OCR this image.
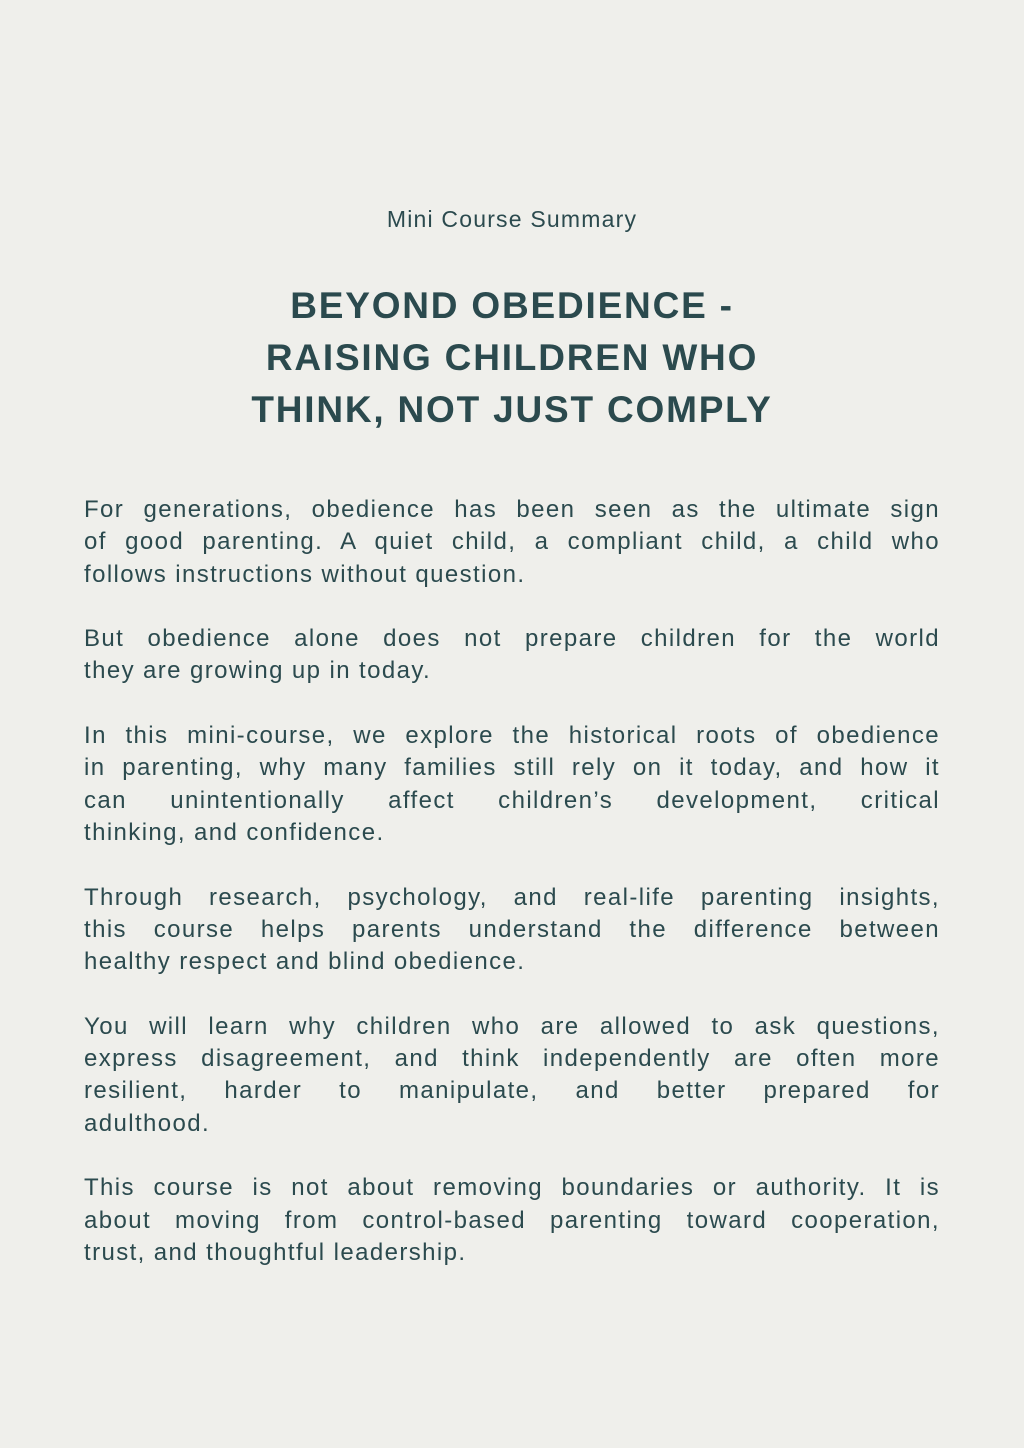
Mini Course Summary
BEYOND OBEDIENCE -
RAISING CHILDREN WHO
THINK, NOT JUST COMPLY
For generations, obedience has been seen as the ultimate sign
of good parenting. A quiet child, a compliant child, a child who
follows instructions without question.
But obedience alone does not prepare children for the world
they are growing up in today.
In this mini-course, we explore the historical roots of obedience
in parenting, why many families still rely on it today, and how it
can unintentionally affect children’s development, critical
thinking, and confidence.
Through research, psychology, and real-life parenting insights,
this course helps parents understand the difference between
healthy respect and blind obedience.
You will learn why children who are allowed to ask questions,
express disagreement, and think independently are often more
resilient, harder to manipulate, and better prepared for
adulthood.
This course is not about removing boundaries or authority. It is
about moving from control-based parenting toward cooperation,
trust, and thoughtful leadership.
